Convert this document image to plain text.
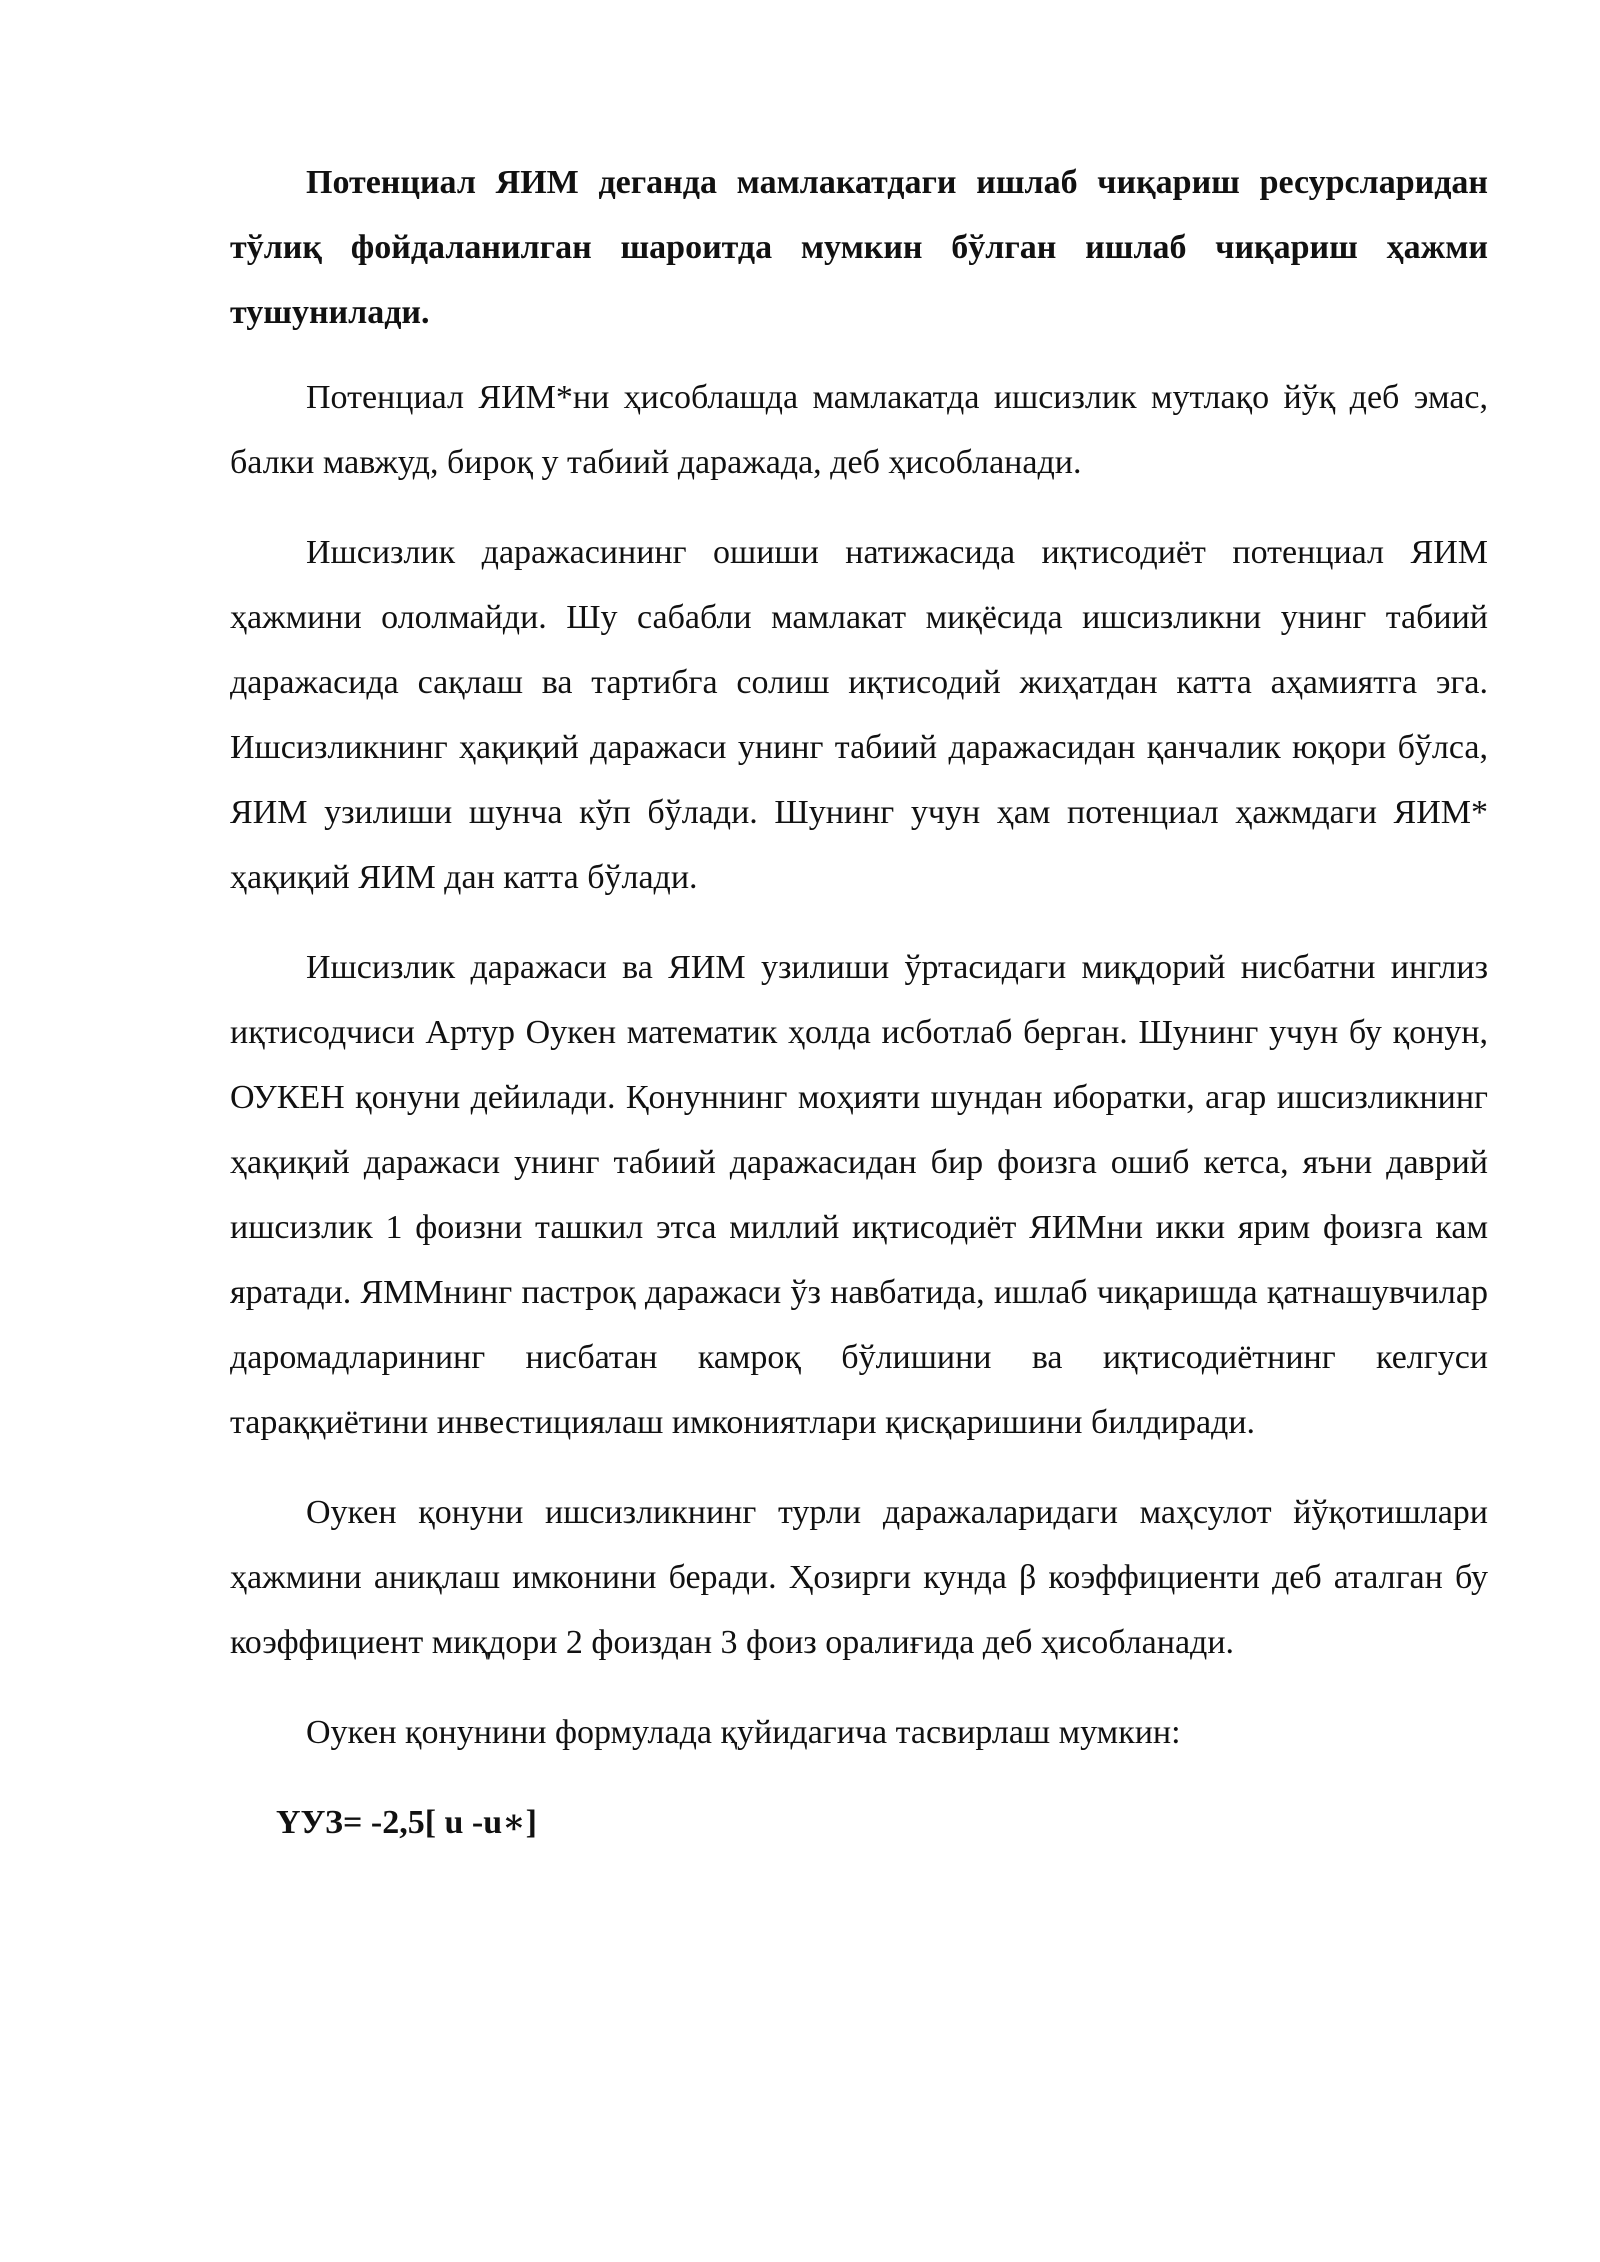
Потенциал ЯИМ деганда мамлакатдаги ишлаб чиқариш ресурсларидан тўлиқ фойдаланилган шароитда мумкин бўлган ишлаб чиқариш ҳажми тушунилади.

Потенциал ЯИМ*ни ҳисоблашда мамлакатда ишсизлик мутлақо йўқ деб эмас, балки мавжуд, бироқ у табиий даражада, деб ҳисобланади.

Ишсизлик даражасининг ошиши натижасида иқтисодиёт потенциал ЯИМ ҳажмини ололмайди. Шу сабабли мамлакат миқёсида ишсизликни унинг табиий даражасида сақлаш ва тартибга солиш иқтисодий жиҳатдан катта аҳамиятга эга. Ишсизликнинг ҳақиқий даражаси унинг табиий даражасидан қанчалик юқори бўлса, ЯИМ узилиши шунча кўп бўлади. Шунинг учун ҳам потенциал ҳажмдаги ЯИМ* ҳақиқий ЯИМ дан катта бўлади.

Ишсизлик даражаси ва ЯИМ узилиши ўртасидаги миқдорий нисбатни инглиз иқтисодчиси Артур Оукен математик ҳолда исботлаб берган. Шунинг учун бу қонун, ОУКЕН қонуни дейилади. Қонуннинг моҳияти шундан иборатки, агар ишсизликнинг ҳақиқий даражаси унинг табиий даражасидан бир фоизга ошиб кетса, яъни даврий ишсизлик 1 фоизни ташкил этса миллий иқтисодиёт ЯИМни икки ярим фоизга кам яратади. ЯММнинг пастроқ даражаси ўз навбатида, ишлаб чиқаришда қатнашувчилар даромадларининг нисбатан камроқ бўлишини ва иқтисодиётнинг келгуси тараққиётини инвестициялаш имкониятлари қисқаришини билдиради.

Оукен қонуни ишсизликнинг турли даражаларидаги маҳсулот йўқотишлари ҳажмини аниқлаш имконини беради. Ҳозирги кунда β коэффициенти деб аталган бу коэффициент миқдори 2 фоиздан 3 фоиз оралиғида деб ҳисобланади.

Оукен қонунини формулада қуйидагича тасвирлаш мумкин:

ҮУЗ= -2,5[ u -u∗]
